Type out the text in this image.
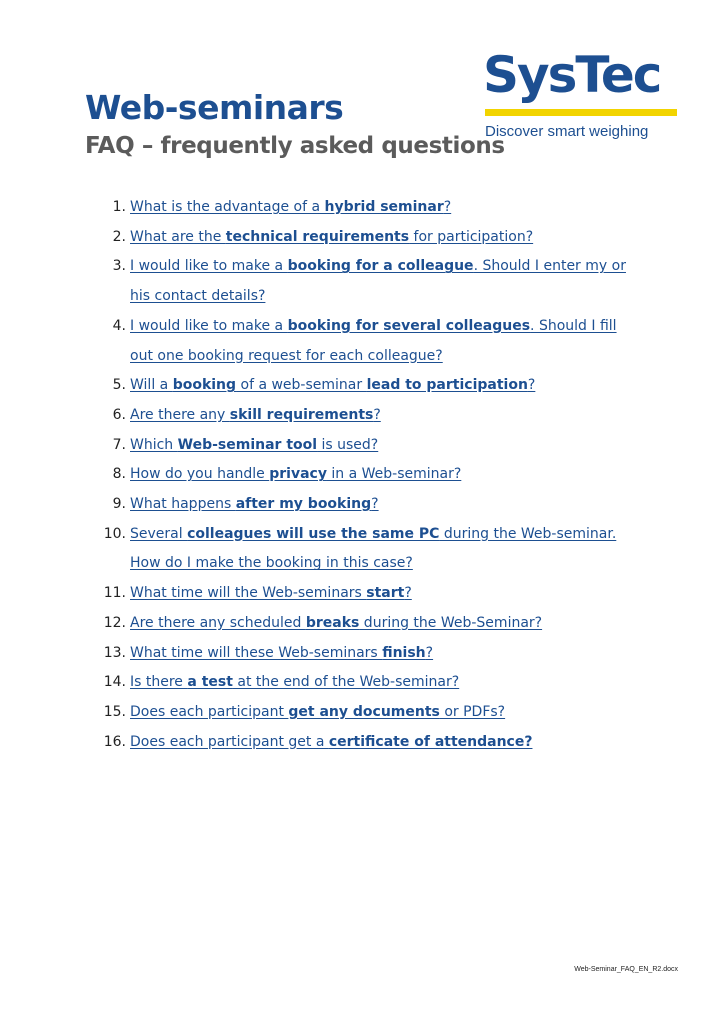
Web-seminars
FAQ – frequently asked questions
SysTec
Discover smart weighing
1. What is the advantage of a hybrid seminar?
2. What are the technical requirements for participation?
3. I would like to make a booking for a colleague. Should I enter my or his contact details?
4. I would like to make a booking for several colleagues. Should I fill out one booking request for each colleague?
5. Will a booking of a web-seminar lead to participation?
6. Are there any skill requirements?
7. Which Web-seminar tool is used?
8. How do you handle privacy in a Web-seminar?
9. What happens after my booking?
10. Several colleagues will use the same PC during the Web-seminar. How do I make the booking in this case?
11. What time will the Web-seminars start?
12. Are there any scheduled breaks during the Web-Seminar?
13. What time will these Web-seminars finish?
14. Is there a test at the end of the Web-seminar?
15. Does each participant get any documents or PDFs?
16. Does each participant get a certificate of attendance?
Web-Seminar_FAQ_EN_R2.docx
